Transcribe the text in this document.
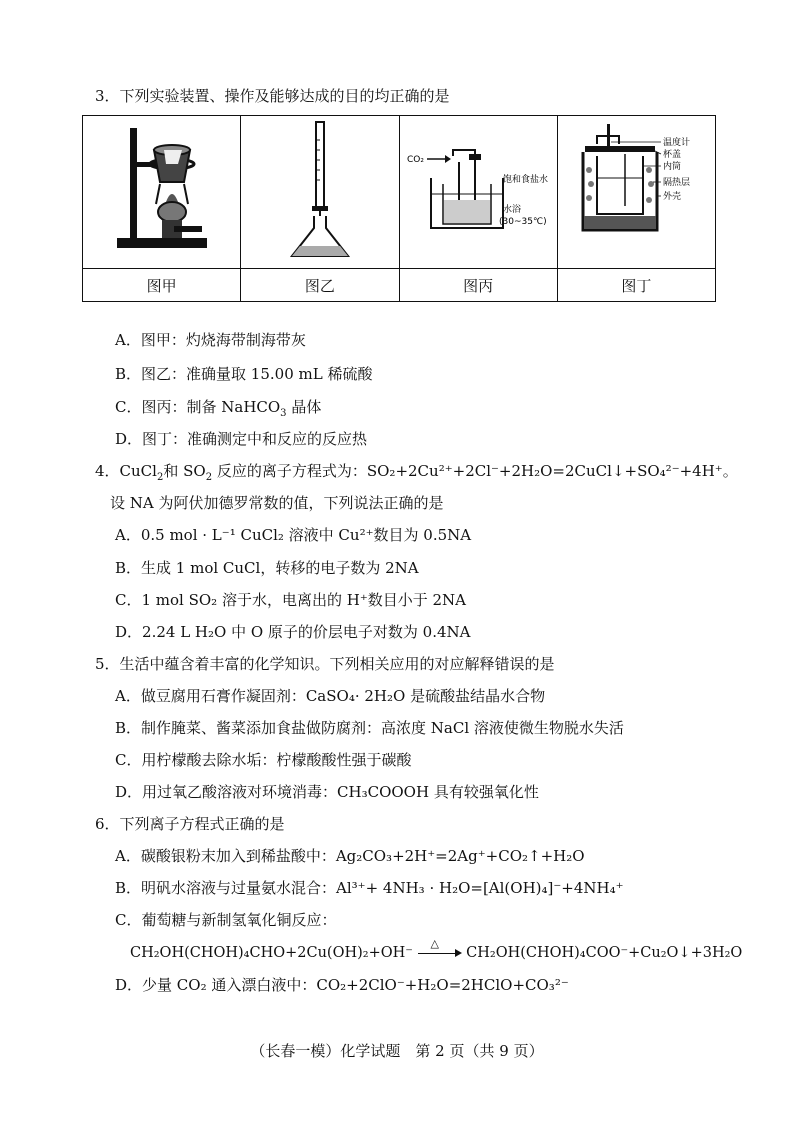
3．下列实验装置、操作及能够达成的目的均正确的是

CO₂
饱和食盐水
水浴
(30~35℃)	温度计
杯盖
内筒
隔热层
外壳

图甲	图乙	图丙	图丁
A．图甲：灼烧海带制海带灰
B．图乙：准确量取 15.00 mL 稀硫酸
C．图丙：制备 NaHCO$_3$ 晶体
D．图丁：准确测定中和反应的反应热
4．CuCl$_2$和 $SO_2$ 反应的离子方程式为：SO₂+2Cu²⁺+2Cl⁻+2H₂O=2CuCl↓+SO₄²⁻+4H⁺。
设 NA 为阿伏加德罗常数的值，下列说法正确的是
A．0.5 mol · L⁻¹ CuCl₂ 溶液中 Cu²⁺数目为 0.5NA
B．生成 1 mol CuCl，转移的电子数为 2NA
C．1 mol SO₂ 溶于水，电离出的 H⁺数目小于 2NA
D．2.24 L H₂O 中 O 原子的价层电子对数为 0.4NA
5．生活中蕴含着丰富的化学知识。下列相关应用的对应解释错误的是
A．做豆腐用石膏作凝固剂：CaSO₄· 2H₂O 是硫酸盐结晶水合物
B．制作腌菜、酱菜添加食盐做防腐剂：高浓度 NaCl 溶液使微生物脱水失活
C．用柠檬酸去除水垢：柠檬酸酸性强于碳酸
D．用过氧乙酸溶液对环境消毒：CH₃COOOH 具有较强氧化性
6．下列离子方程式正确的是
A．碳酸银粉末加入到稀盐酸中：Ag₂CO₃+2H⁺=2Ag⁺+CO₂↑+H₂O
B．明矾水溶液与过量氨水混合：Al³⁺+ 4NH₃ · H₂O=[Al(OH)₄]⁻+4NH₄⁺
C．葡萄糖与新制氢氧化铜反应：
CH₂OH(CHOH)₄CHO+2Cu(OH)₂+OH⁻
△
CH₂OH(CHOH)₄COO⁻+Cu₂O↓+3H₂O
D．少量 CO₂ 通入漂白液中：CO₂+2ClO⁻+H₂O=2HClO+CO₃²⁻
（长春一模）化学试题　第 2 页（共 9 页）
